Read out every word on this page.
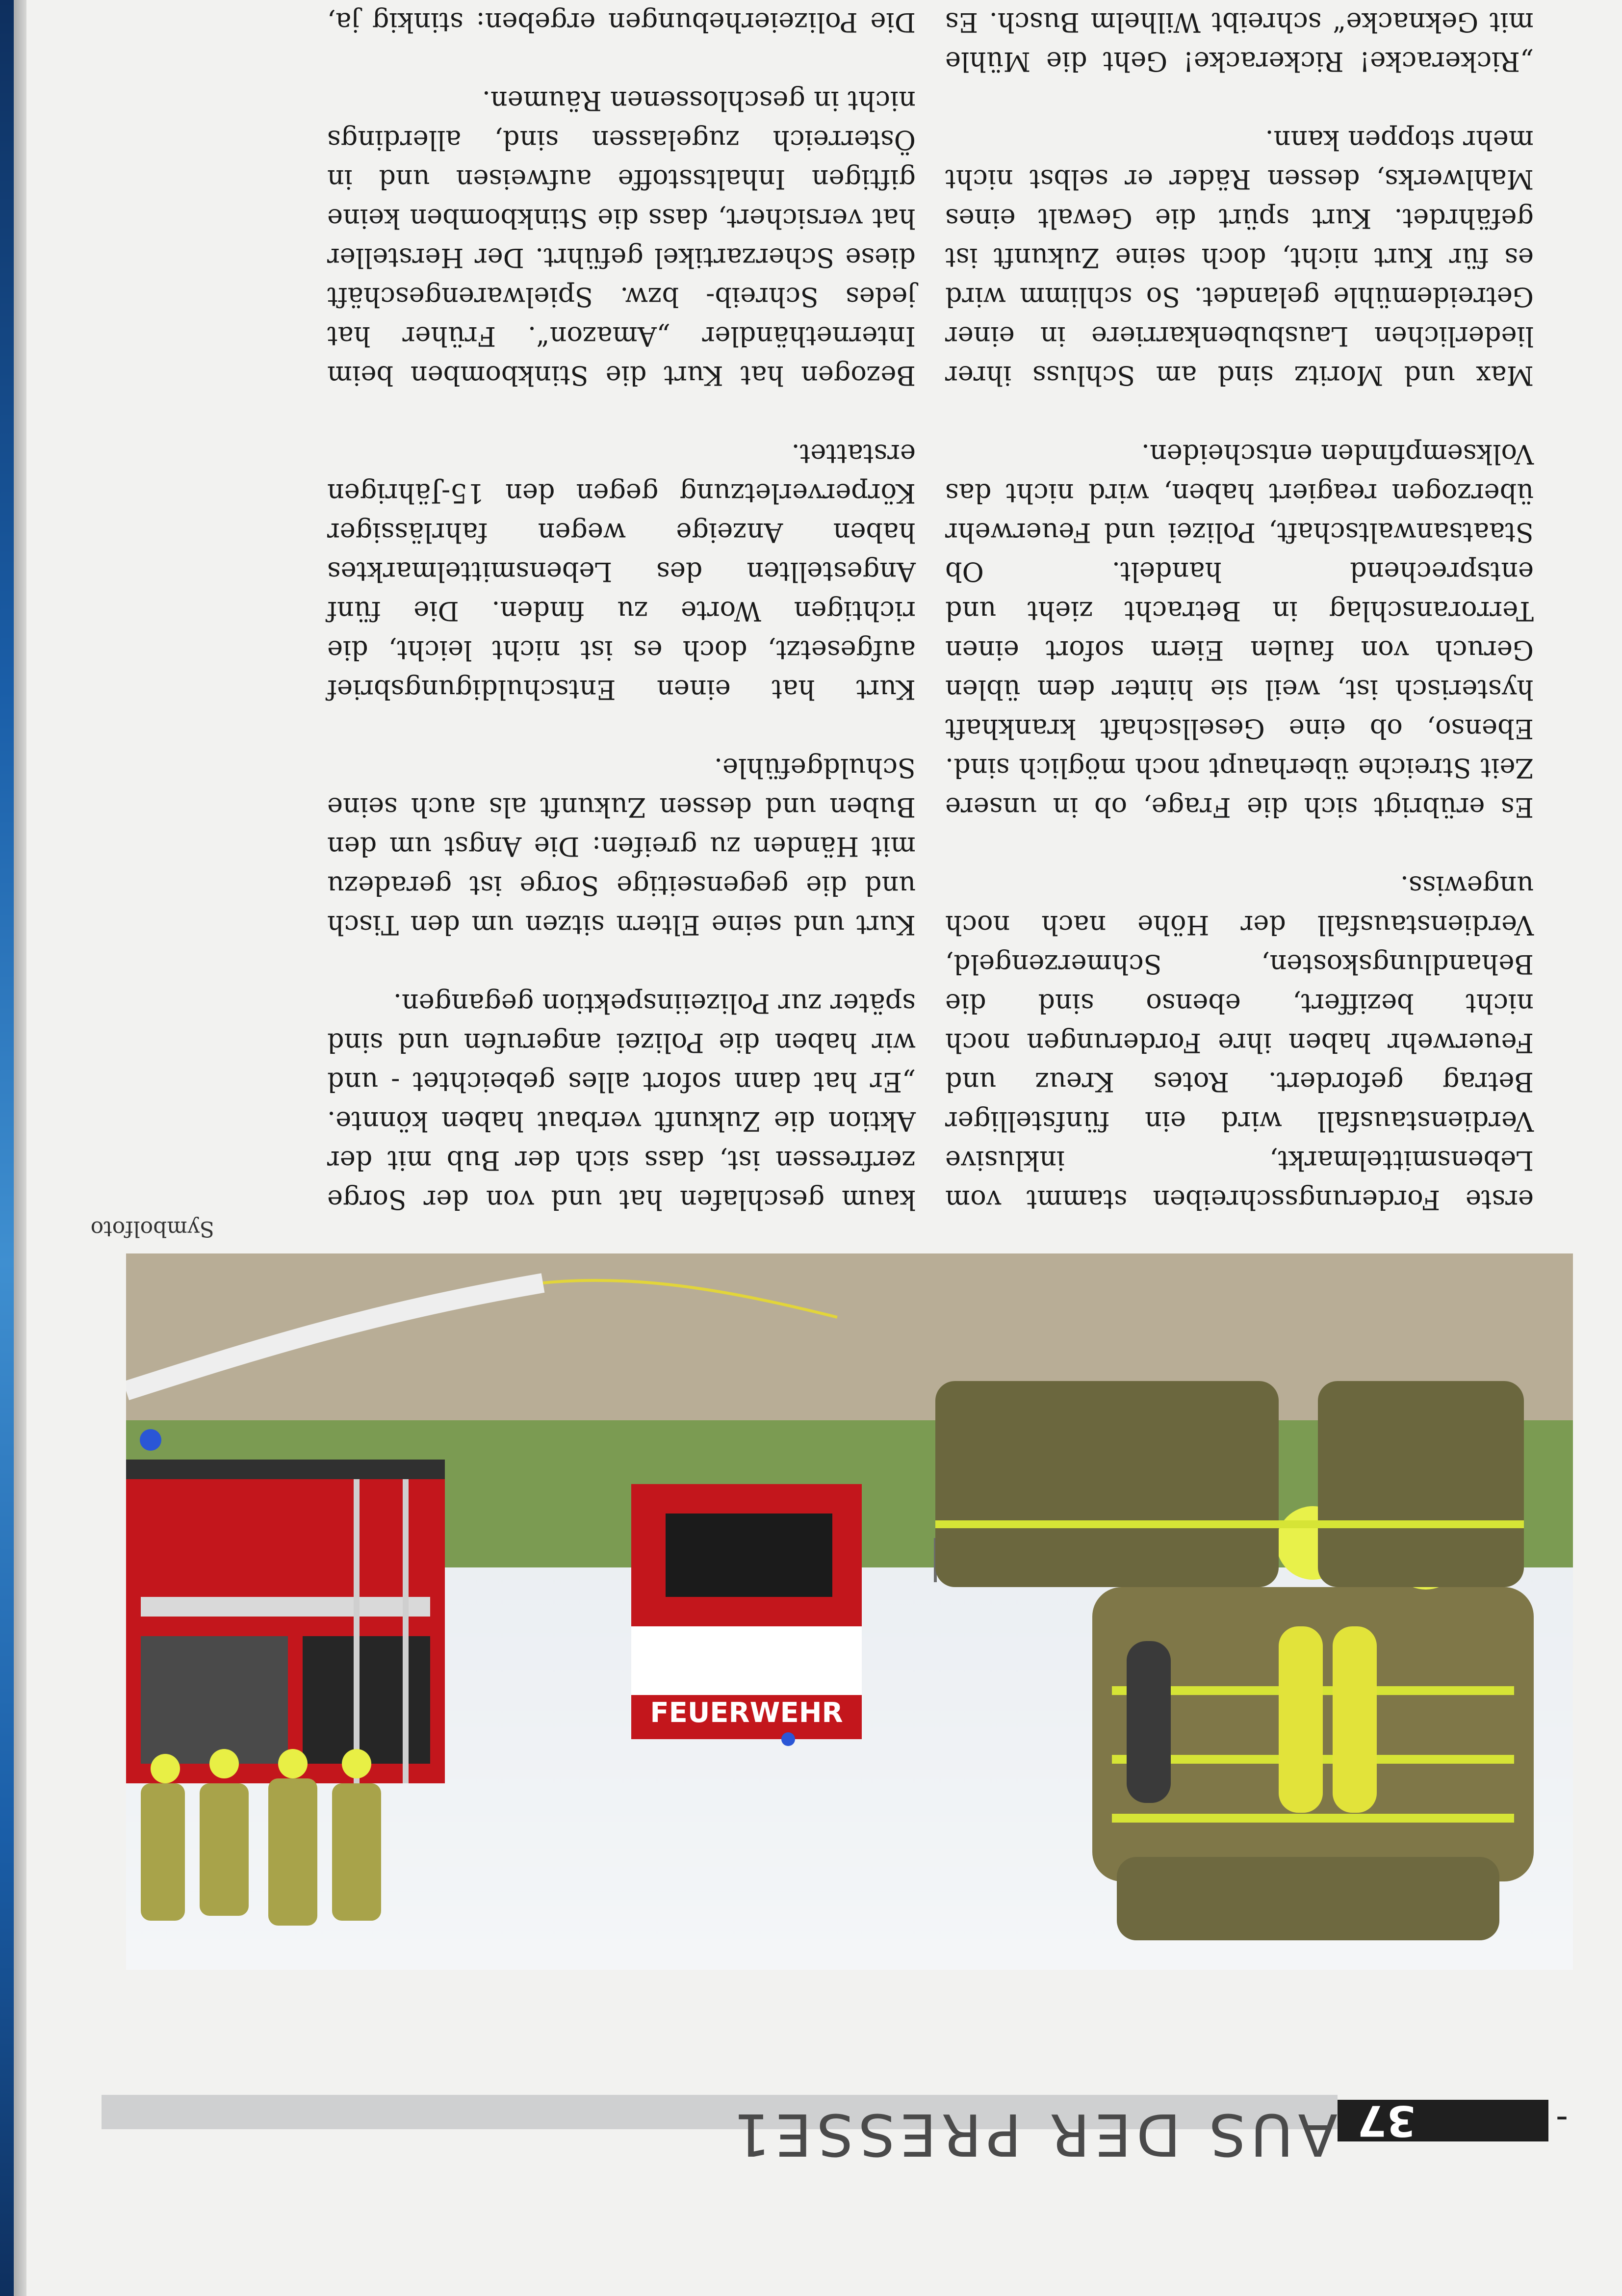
AUS DER PRESSE1	-
37
FEUERWEHR
Symbolfoto

kaum geschlafen hat und von der Sorge zerfressen ist, dass sich der Bub mit der Aktion die Zukunft verbaut haben könnte. „Er hat dann sofort alles gebeichtet - und wir haben die Polizei angerufen und sind später zur Polizeiinspektion gegangen.

Kurt und seine Eltern sitzen um den Tisch und die gegenseitige Sorge ist geradezu mit Händen zu greifen: Die Angst um den Buben und dessen Zukunft als auch seine Schuldgefühle.

Kurt hat einen Entschuldigungsbrief aufgesetzt, doch es ist nicht leicht, die richtigen Worte zu finden. Die fünf Angestellten des Lebensmittelmarktes haben Anzeige wegen fahrlässiger Körperverletzung gegen den 15-Jährigen erstattet.

Bezogen hat Kurt die Stinkbomben beim Internethändler „Amazon“. Früher hat jedes Schreib- bzw. Spielwarengeschäft diese Scherzartikel geführt. Der Hersteller hat versichert, dass die Stinkbomben keine giftigen Inhaltsstoffe aufweisen und in Österreich zugelassen sind, allerdings nicht in geschlossenen Räumen.

Die Polizeierhebungen ergeben: stinkig ja,

erste Forderungsschreiben stammt vom Lebensmittelmarkt, inklusive Verdienstausfall wird ein fünfstelliger Betrag gefordert. Rotes Kreuz und Feuerwehr haben ihre Forderungen noch nicht beziffert, ebenso sind die Behandlungskosten, Schmerzengeld, Verdienstausfall der Höhe nach noch ungewiss.

Es erübrigt sich die Frage, ob in unsere Zeit Streiche überhaupt noch möglich sind. Ebenso, ob eine Gesellschaft krankhaft hysterisch ist, weil sie hinter dem üblen Geruch von faulen Eiern sofort einen Terroranschlag in Betracht zieht und entsprechend handelt. Ob Staatsanwaltschaft, Polizei und Feuerwehr überzogen reagiert haben, wird nicht das Volksempfinden entscheiden.

Max und Moritz sind am Schluss ihrer liederlichen Lausbubenkarriere in einer Getreidemühle gelandet. So schlimm wird es für Kurt nicht, doch seine Zukunft ist gefährdet. Kurt spürt die Gewalt eines Mahlwerks, dessen Räder er selbst nicht mehr stoppen kann.

„Rickeracke! Rickeracke! Geht die Mühle mit Geknacke“ schreibt Wilhelm Busch. Es
